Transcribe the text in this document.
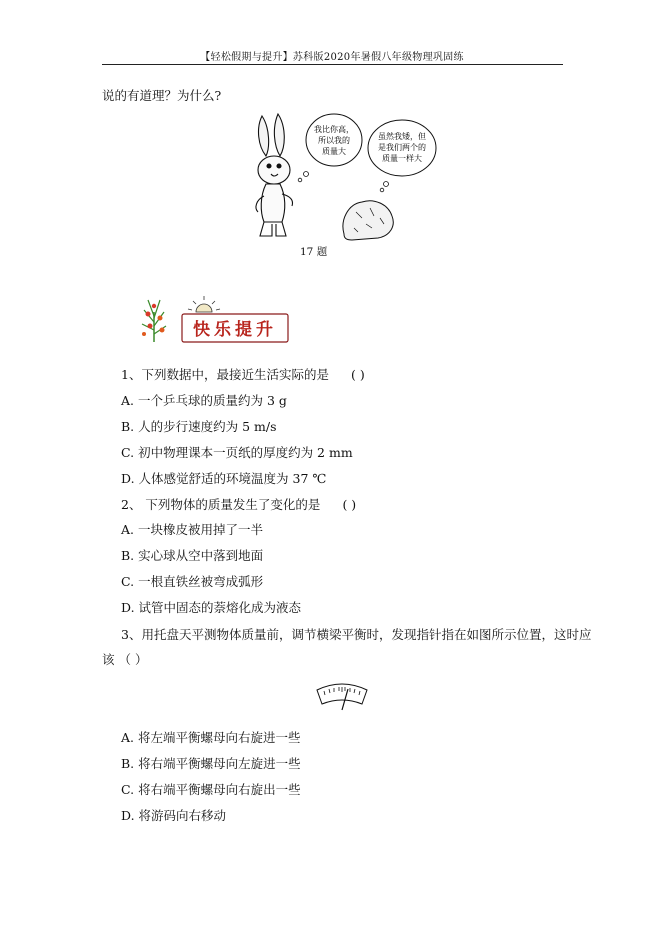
【轻松假期与提升】苏科版2020年暑假八年级物理巩固练
说的有道理？为什么?
我比你高，
所以我的
质量大
虽然我矮，但
是我们两个的
质量一样大
17 题
快乐提升
1、下列数据中，最接近生活实际的是 ( )
A. 一个乒乓球的质量约为 3 g
B. 人的步行速度约为 5 m/s
C. 初中物理课本一页纸的厚度约为 2 mm
D. 人体感觉舒适的环境温度为 37 ℃
2、 下列物体的质量发生了变化的是 ( )
A. 一块橡皮被用掉了一半
B. 实心球从空中落到地面
C. 一根直铁丝被弯成弧形
D. 试管中固态的萘熔化成为液态
3、用托盘天平测物体质量前，调节横梁平衡时，发现指针指在如图所示位置，这时应
该 （ ）
A. 将左端平衡螺母向右旋进一些
B. 将右端平衡螺母向左旋进一些
C. 将右端平衡螺母向右旋出一些
D. 将游码向右移动
